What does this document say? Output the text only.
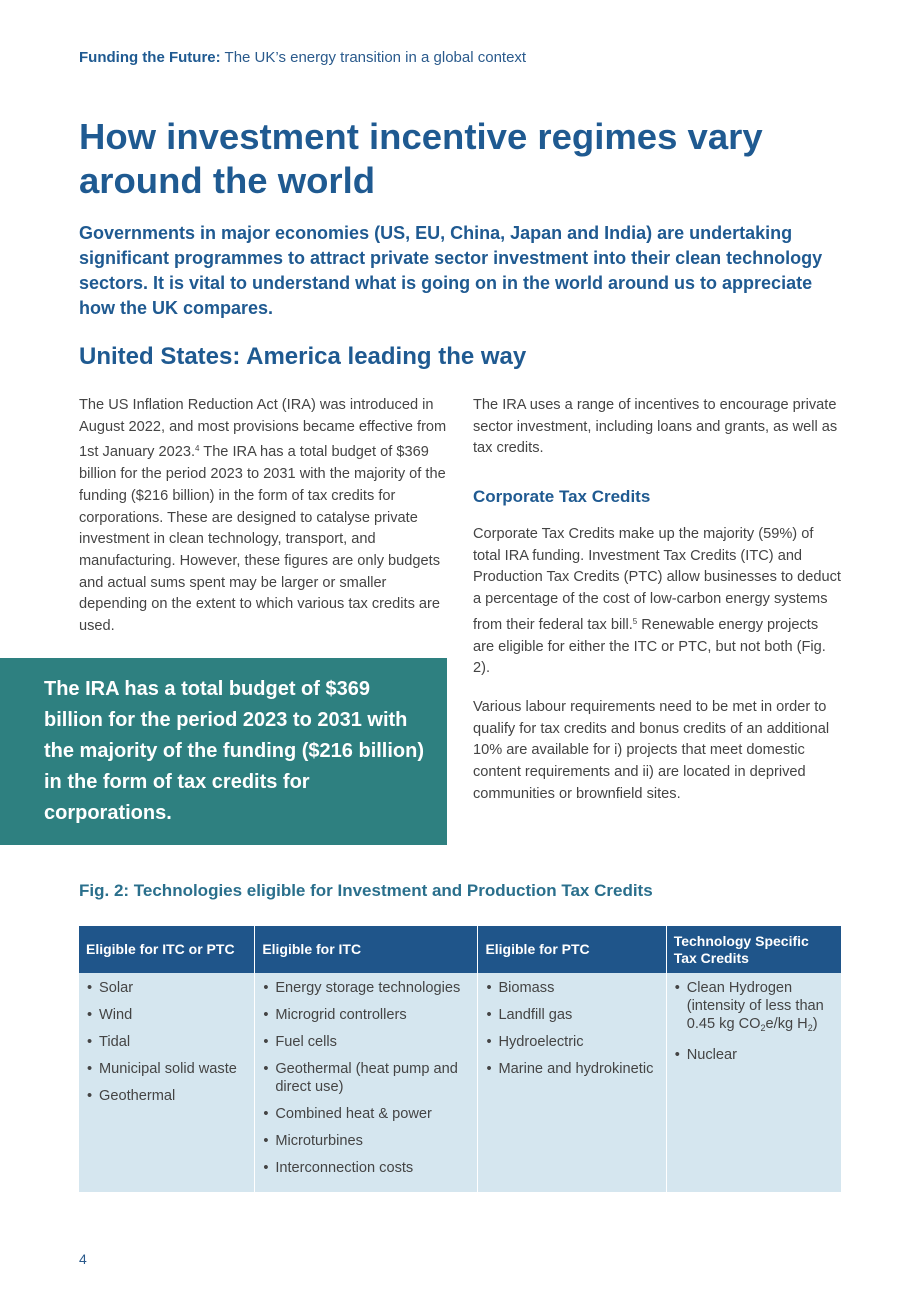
Funding the Future: The UK’s energy transition in a global context
How investment incentive regimes vary around the world
Governments in major economies (US, EU, China, Japan and India) are undertaking significant programmes to attract private sector investment into their clean technology sectors. It is vital to understand what is going on in the world around us to appreciate how the UK compares.
United States: America leading the way
The US Inflation Reduction Act (IRA) was introduced in August 2022, and most provisions became effective from 1st January 2023.$^4$ The IRA has a total budget of $369 billion for the period 2023 to 2031 with the majority of the funding ($216 billion) in the form of tax credits for corporations. These are designed to catalyse private investment in clean technology, transport, and manufacturing. However, these figures are only budgets and actual sums spent may be larger or smaller depending on the extent to which various tax credits are used.
The IRA has a total budget of $369 billion for the period 2023 to 2031 with the majority of the funding ($216 billion) in the form of tax credits for corporations.
The IRA uses a range of incentives to encourage private sector investment, including loans and grants, as well as tax credits.
Corporate Tax Credits
Corporate Tax Credits make up the majority (59%) of total IRA funding. Investment Tax Credits (ITC) and Production Tax Credits (PTC) allow businesses to deduct a percentage of the cost of low-carbon energy systems from their federal tax bill.$^5$ Renewable energy projects are eligible for either the ITC or PTC, but not both (Fig. 2).
Various labour requirements need to be met in order to qualify for tax credits and bonus credits of an additional 10% are available for i) projects that meet domestic content requirements and ii) are located in deprived communities or brownfield sites.
Fig. 2: Technologies eligible for Investment and Production Tax Credits
Eligible for ITC or PTC
• Solar
• Wind
• Tidal
• Municipal solid waste
• Geothermal
Eligible for ITC
• Energy storage technologies
• Microgrid controllers
• Fuel cells
• Geothermal (heat pump and direct use)
• Combined heat & power
• Microturbines
• Interconnection costs
Eligible for PTC
• Biomass
• Landfill gas
• Hydroelectric
• Marine and hydrokinetic
Technology Specific Tax Credits
• Clean Hydrogen (intensity of less than 0.45 kg $CO_2e/kg$ $H_2$)
• Nuclear
4
